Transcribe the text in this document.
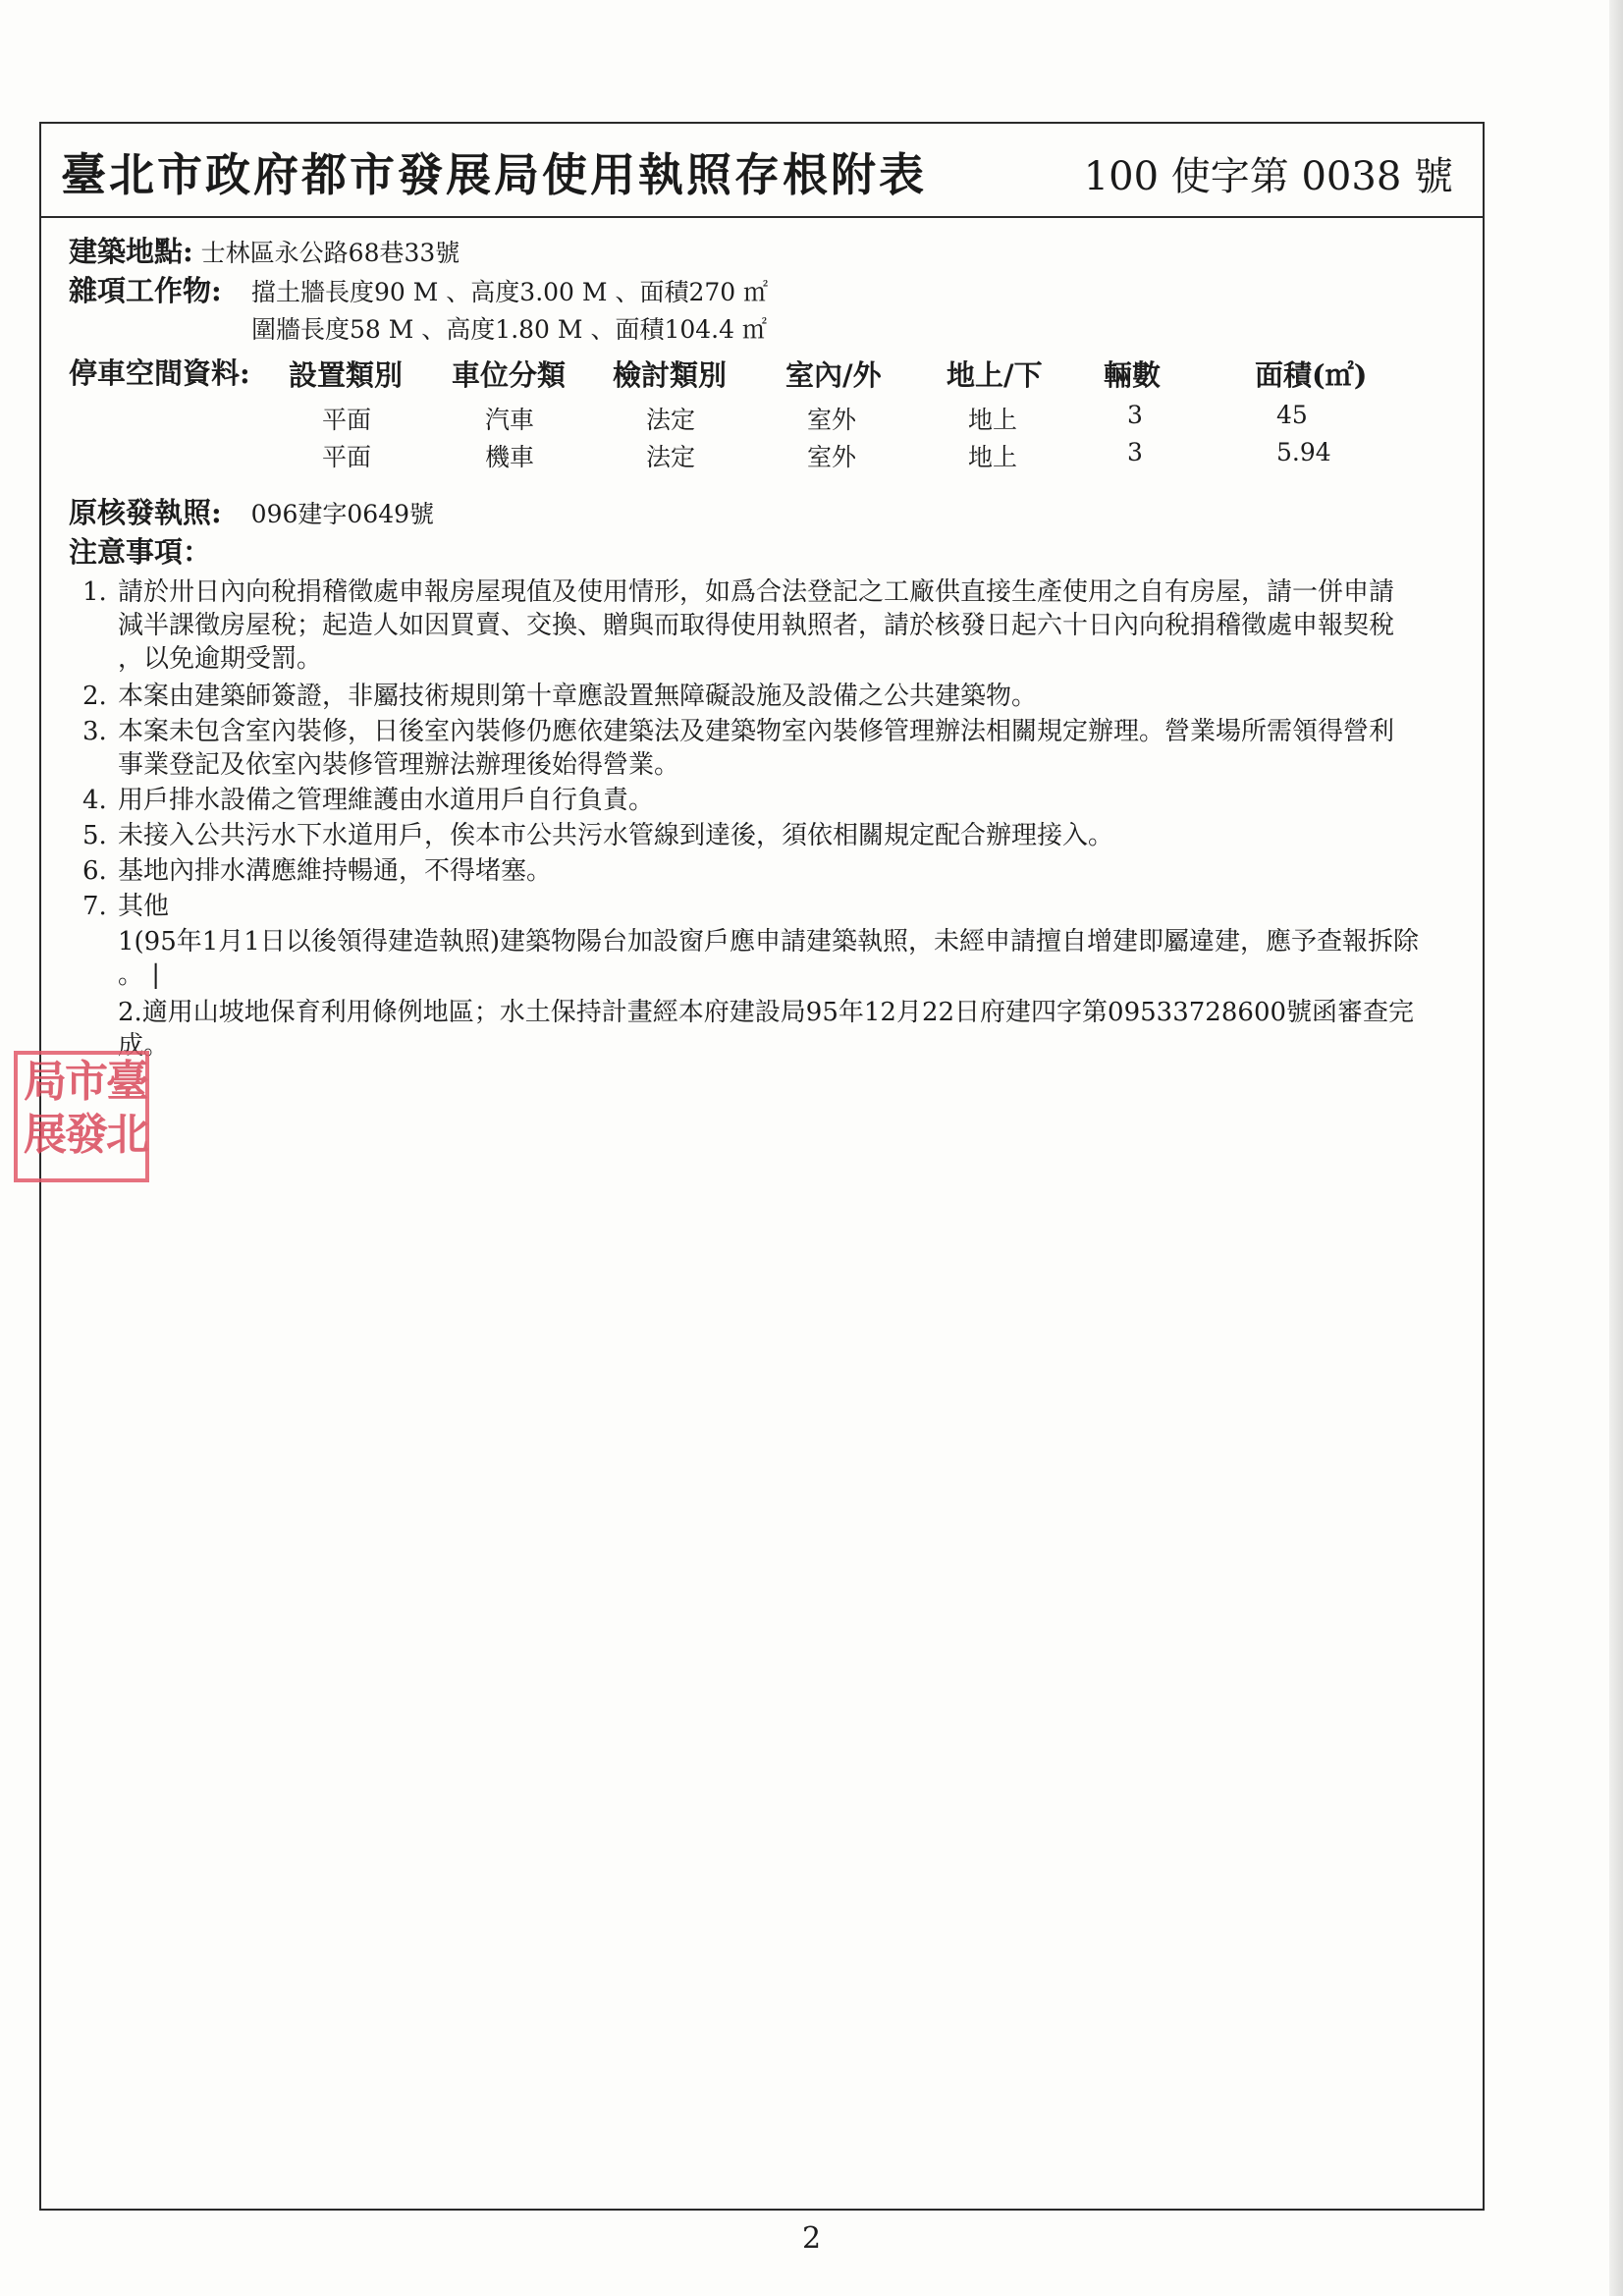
臺北市政府都市發展局使用執照存根附表	100 使字第 0038 號
建築地點: 士林區永公路68巷33號
雜項工作物: 擋土牆長度90 M 、高度3.00 M 、面積270 ㎡
圍牆長度58 M 、高度1.80 M 、面積104.4 ㎡
停車空間資料: 設置類別 車位分類 檢討類別 室內/外 地上/下 輛數	面積(㎡)
平面	汽車	法定	室外	地上	3	45
平面	機車	法定	室外	地上	3	5.94
原核發執照: 096建字0649號
注意事項：
1. 請於卅日內向稅捐稽徵處申報房屋現值及使用情形，如爲合法登記之工廠供直接生產使用之自有房屋，請一併申請
減半課徵房屋稅；起造人如因買賣、交換、贈與而取得使用執照者，請於核發日起六十日內向稅捐稽徵處申報契稅
，以免逾期受罰。
2. 本案由建築師簽證，非屬技術規則第十章應設置無障礙設施及設備之公共建築物。
3. 本案未包含室內裝修，日後室內裝修仍應依建築法及建築物室內裝修管理辦法相關規定辦理。營業場所需領得營利
事業登記及依室內裝修管理辦法辦理後始得營業。
4. 用戶排水設備之管理維護由水道用戶自行負責。
5. 未接入公共污水下水道用戶，俟本市公共污水管線到達後，須依相關規定配合辦理接入。
6. 基地內排水溝應維持暢通，不得堵塞。
7. 其他
1(95年1月1日以後領得建造執照)建築物陽台加設窗戶應申請建築執照，未經申請擅自增建即屬違建，應予查報拆除
。 |
2.適用山坡地保育利用條例地區；水土保持計畫經本府建設局95年12月22日府建四字第09533728600號函審查完成。
局
市
臺
展
發
北
2
